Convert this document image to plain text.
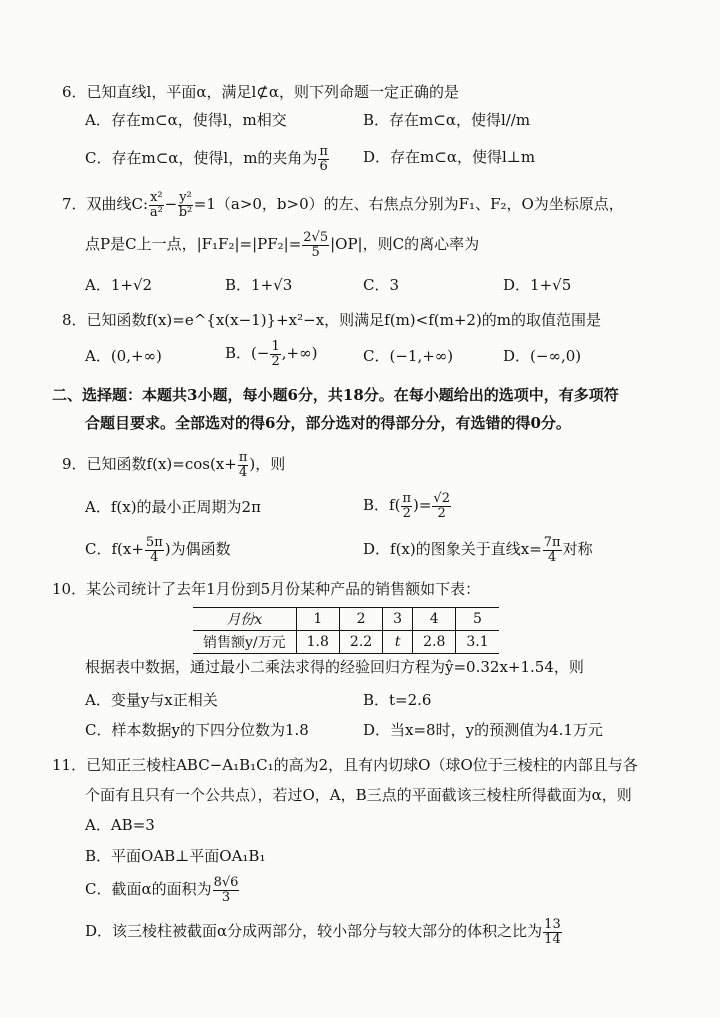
6．已知直线l，平面α，满足l⊄α，则下列命题一定正确的是
A．存在m⊂α，使得l，m相交	B．存在m⊂α，使得l//m
C．存在m⊂α，使得l，m的夹角为 $\frac{\pi}{6}$ D．存在m⊂α，使得l⊥m
7．双曲线C: $\frac{\text{x²}}{\text{a²}} - \frac{\text{y²}}{\text{b²}} =1(a>0$，b>0）的左、右焦点分别为F₁、F₂，O为坐标原点，
点P是C上一点，$|F_1F_2|=|PF_2|= \frac{2√5}{5} |OP|$，则C的离心率为
A．1+√2	B．1+√3	C．3	D．1+√5
8．已知函数f(x)=e^{x(x−1)}+x²−x，则满足f(m)<f(m+2)的m的取值范围是
A．(0,+∞)	B．(− $\frac{1}{2}$ ,+∞)	C．(−1,+∞)	D．(−∞,0)
二、选择题：本题共3小题，每小题6分，共18分。在每小题给出的选项中，有多项符
合题目要求。全部选对的得6分，部分选对的得部分分，有选错的得0分。
9．已知函数$f(x)=\cos(x+ \frac{\pi}{4}$ )，则
A．f(x)的最小正周期为2π	B．$f( \frac{\pi}{2}$ )= $\frac{√2}{2}$
C．$f(x+ \frac{5\pi}{4}$ )为偶函数	D．f(x)的图象关于直线$x= \frac{7\pi}{4}$ 对称
10．某公司统计了去年1月份到5月份某种产品的销售额如下表：
月份x	1	2	3	4	5
销售额y/万元	1.8	2.2	t	2.8	3.1
根据表中数据，通过最小二乘法求得的经验回归方程为ŷ=0.32x+1.54，则
A．变量y与x正相关	B．t=2.6
C．样本数据y的下四分位数为1.8	D．当x=8时，y的预测值为4.1万元
11．已知正三棱柱ABC−A₁B₁C₁的高为2，且有内切球O（球O位于三棱柱的内部且与各
个面有且只有一个公共点），若过O，A，B三点的平面截该三棱柱所得截面为α，则
A．AB=3
B．平面OAB⊥平面OA₁B₁
C．截面α的面积为 $\frac{8√6}{3}$
D．该三棱柱被截面α分成两部分，较小部分与较大部分的体积之比为 $\frac{13}{14}$
